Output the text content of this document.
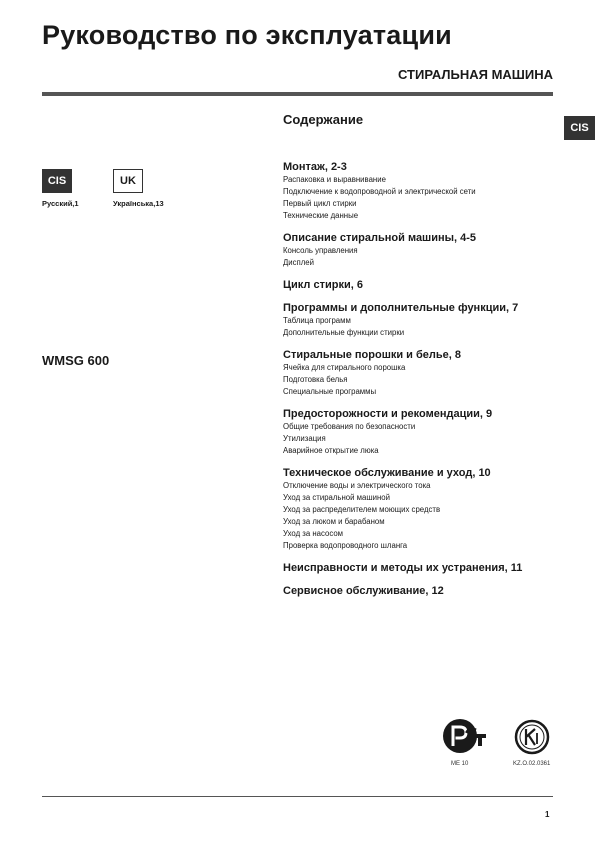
Руководство по эксплуатации
СТИРАЛЬНАЯ МАШИНА
CIS
CIS
Русский,1
UK
Українська,13
WMSG 600
Содержание
Монтаж, 2-3
Распаковка и выравнивание
Подключение к водопроводной и электрической сети
Первый цикл стирки
Технические данные
Описание стиральной машины, 4-5
Консоль управления
Дисплей
Цикл стирки, 6
Программы и дополнительные функции, 7
Таблица программ
Дополнительные функции стирки
Стиральные порошки и белье, 8
Ячейка для стирального порошка
Подготовка белья
Специальные программы
Предосторожности и рекомендации, 9
Общие требования по безопасности
Утилизация
Аварийное открытие люка
Техническое обслуживание и уход, 10
Отключение воды и электрического тока
Уход за стиральной машиной
Уход за распределителем моющих средств
Уход за люком и барабаном
Уход за насосом
Проверка водопроводного шланга
Неисправности и методы их устранения, 11
Сервисное обслуживание, 12
ME 10	KZ.O.02.0361
1
